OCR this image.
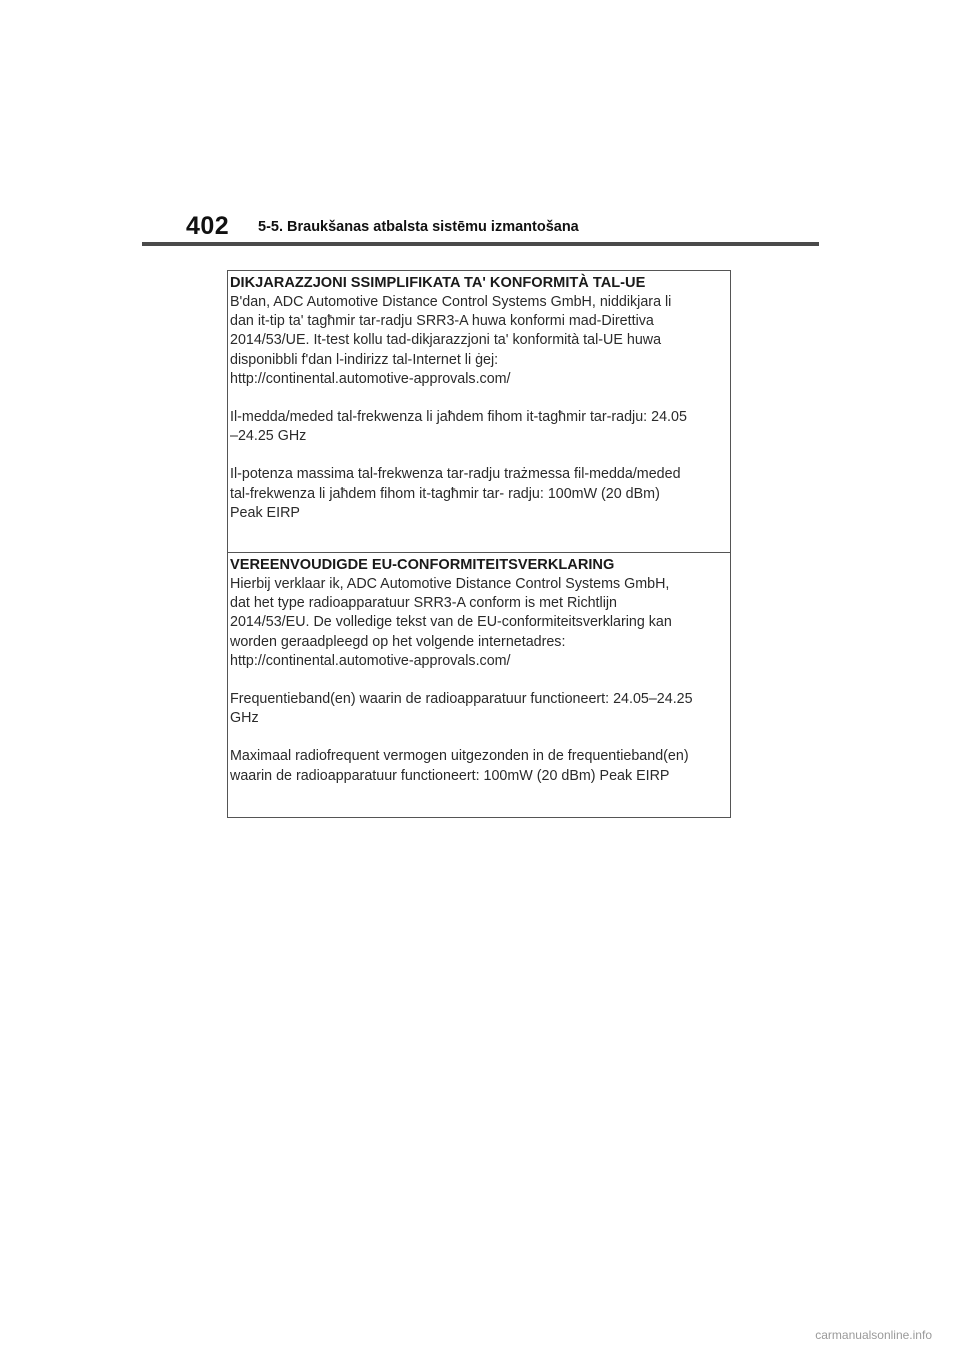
402 5-5. Braukšanas atbalsta sistēmu izmantošana

DIKJARAZZJONI SSIMPLIFIKATA TA' KONFORMITÀ TAL-UE

B'dan, ADC Automotive Distance Control Systems GmbH, niddikjara li
dan it-tip ta' tagħmir tar-radju SRR3-A huwa konformi mad-Direttiva
2014/53/UE. It-test kollu tad-dikjarazzjoni ta' konformità tal-UE huwa
disponibbli f'dan l-indirizz tal-Internet li ġej:
http://continental.automotive-approvals.com/

Il-medda/meded tal-frekwenza li jaħdem fihom it-tagħmir tar-radju: 24.05
–24.25 GHz

Il-potenza massima tal-frekwenza tar-radju trażmessa fil-medda/meded
tal-frekwenza li jaħdem fihom it-tagħmir tar- radju: 100mW (20 dBm)
Peak EIRP

VEREENVOUDIGDE EU-CONFORMITEITSVERKLARING

Hierbij verklaar ik, ADC Automotive Distance Control Systems GmbH,
dat het type radioapparatuur SRR3-A conform is met Richtlijn
2014/53/EU. De volledige tekst van de EU-conformiteitsverklaring kan
worden geraadpleegd op het volgende internetadres:
http://continental.automotive-approvals.com/

Frequentieband(en) waarin de radioapparatuur functioneert: 24.05–24.25
GHz

Maximaal radiofrequent vermogen uitgezonden in de frequentieband(en)
waarin de radioapparatuur functioneert: 100mW (20 dBm) Peak EIRP

carmanualsonline.info
